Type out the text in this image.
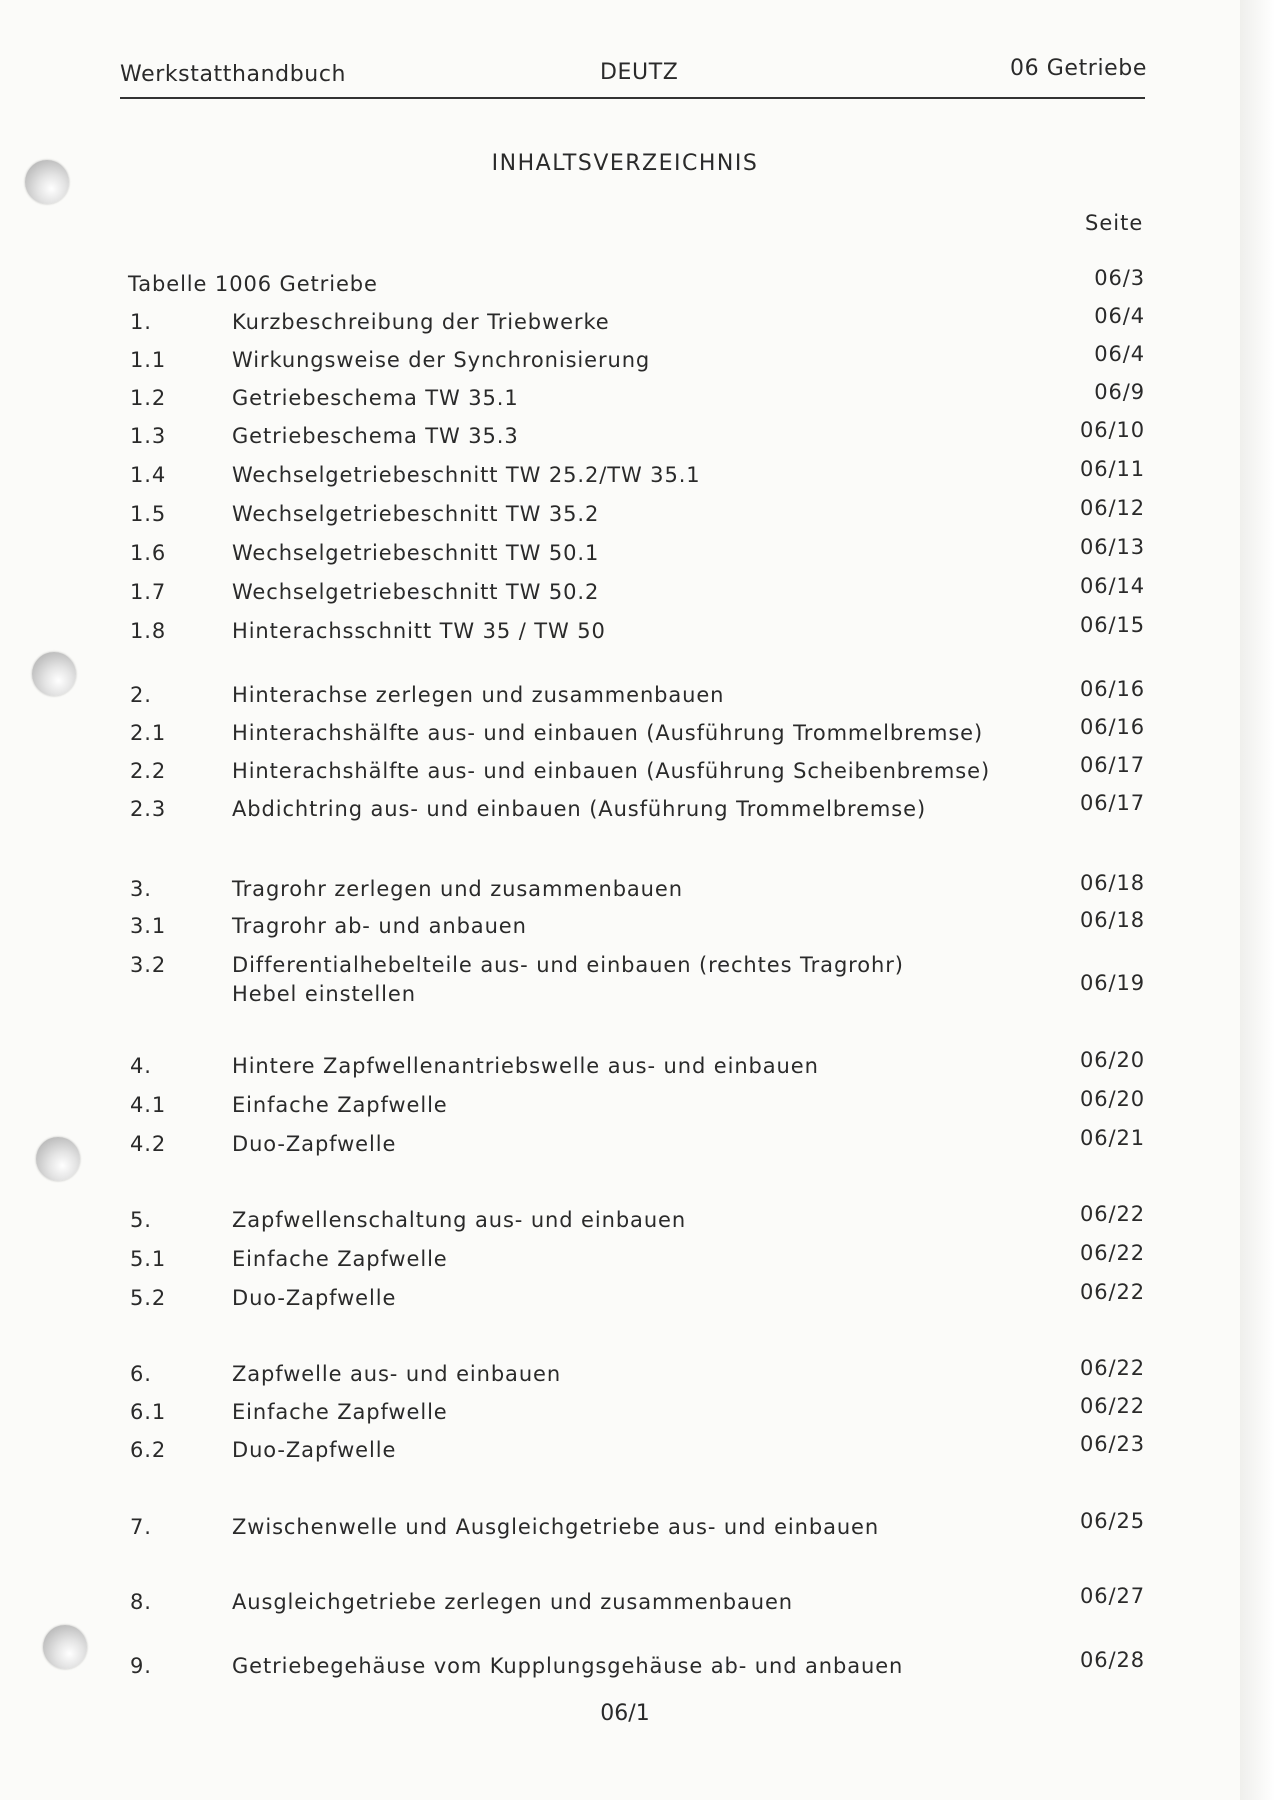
Werkstatthandbuch	DEUTZ	06 Getriebe
INHALTSVERZEICHNIS
Seite
Tabelle 1006 Getriebe	06/3
1.	Kurzbeschreibung der Triebwerke	06/4
1.1	Wirkungsweise der Synchronisierung	06/4
1.2	Getriebeschema TW 35.1	06/9
1.3	Getriebeschema TW 35.3	06/10
1.4	Wechselgetriebeschnitt TW 25.2/TW 35.1	06/11
1.5	Wechselgetriebeschnitt TW 35.2	06/12
1.6	Wechselgetriebeschnitt TW 50.1	06/13
1.7	Wechselgetriebeschnitt TW 50.2	06/14
1.8	Hinterachsschnitt TW 35 / TW 50	06/15
2.	Hinterachse zerlegen und zusammenbauen	06/16
2.1	Hinterachshälfte aus- und einbauen (Ausführung Trommelbremse)	06/16
2.2	Hinterachshälfte aus- und einbauen (Ausführung Scheibenbremse)	06/17
2.3	Abdichtring aus- und einbauen (Ausführung Trommelbremse)	06/17
3.	Tragrohr zerlegen und zusammenbauen	06/18
3.1	Tragrohr ab- und anbauen	06/18
3.2	Differentialhebelteile aus- und einbauen (rechtes Tragrohr)
Hebel einstellen	06/19
4.	Hintere Zapfwellenantriebswelle aus- und einbauen	06/20
4.1	Einfache Zapfwelle	06/20
4.2	Duo-Zapfwelle	06/21
5.	Zapfwellenschaltung aus- und einbauen	06/22
5.1	Einfache Zapfwelle	06/22
5.2	Duo-Zapfwelle	06/22
6.	Zapfwelle aus- und einbauen	06/22
6.1	Einfache Zapfwelle	06/22
6.2	Duo-Zapfwelle	06/23
7.	Zwischenwelle und Ausgleichgetriebe aus- und einbauen	06/25
8.	Ausgleichgetriebe zerlegen und zusammenbauen	06/27
9.	Getriebegehäuse vom Kupplungsgehäuse ab- und anbauen	06/28
06/1
